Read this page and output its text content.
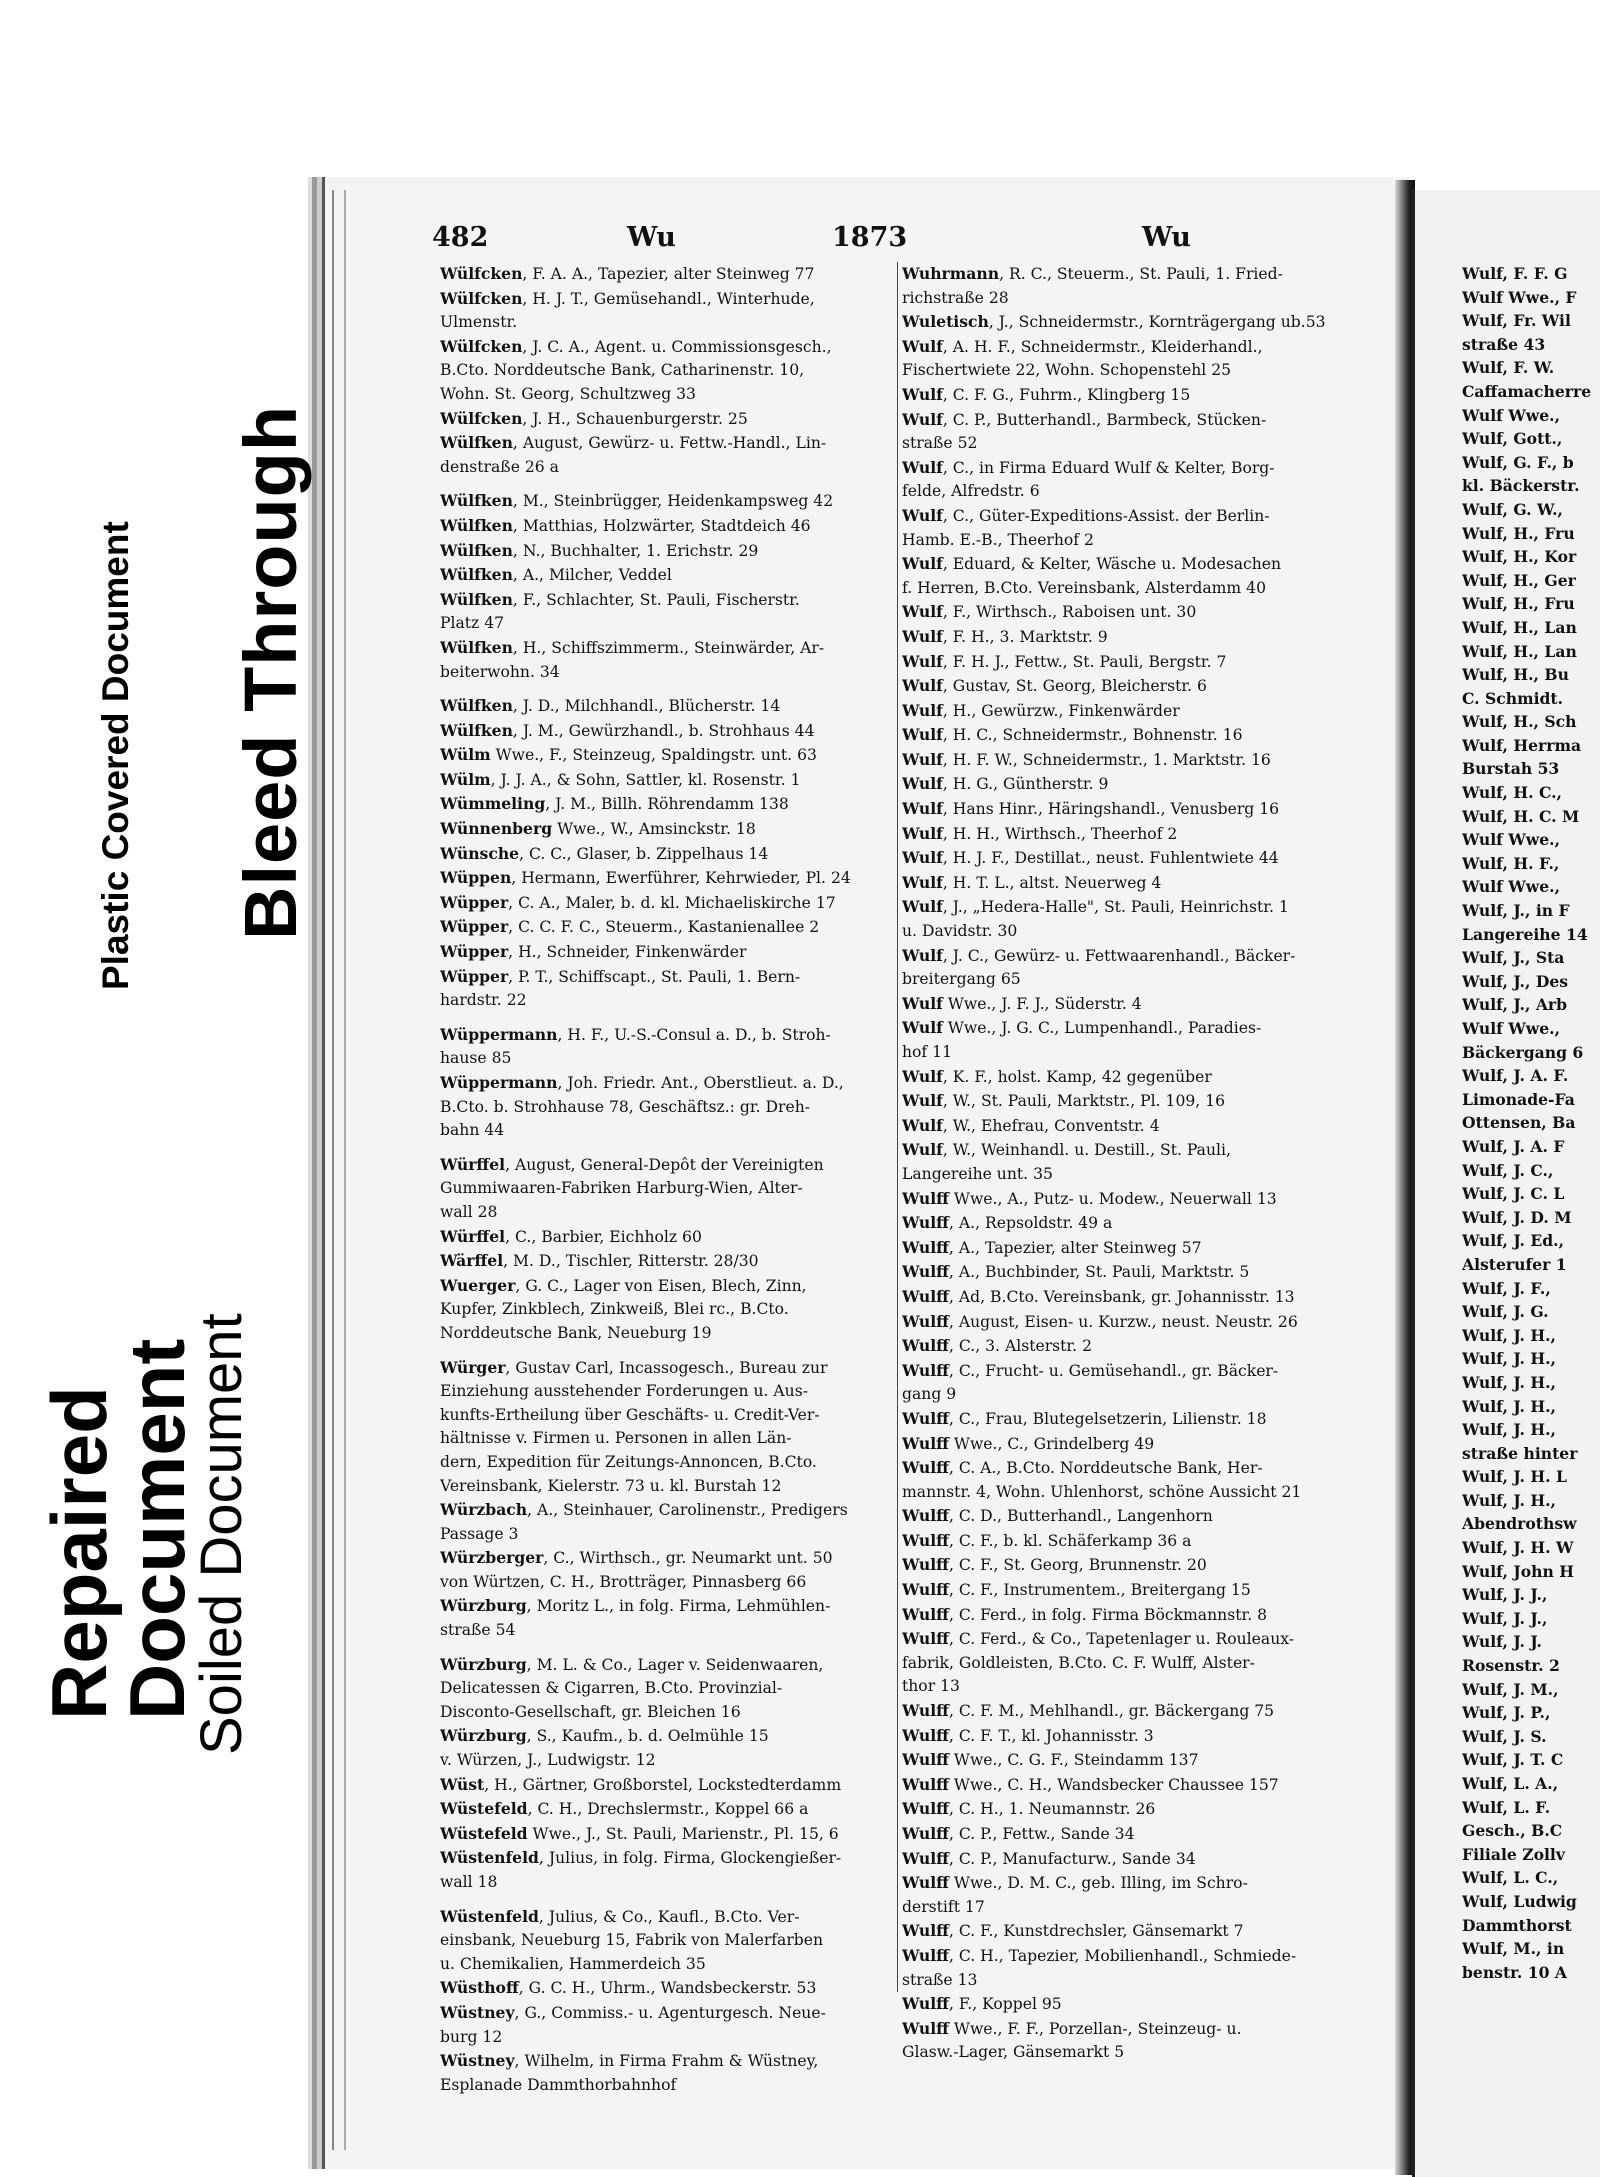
Plastic Covered Document Bleed Through
Repaired
Document
Soiled Document
482	Wu	1873	Wu
Wülfcken, F. A. A., Tapezier, alter Steinweg 77
Wülfcken, H. J. T., Gemüsehandl., Winterhude,
Ulmenstr.
Wülfcken, J. C. A., Agent. u. Commissionsgesch.,
B.Cto. Norddeutsche Bank, Catharinenstr. 10,
Wohn. St. Georg, Schultzweg 33
Wülfcken, J. H., Schauenburgerstr. 25
Wülfken, August, Gewürz- u. Fettw.-Handl., Lin-
denstraße 26 a
Wülfken, M., Steinbrügger, Heidenkampsweg 42
Wülfken, Matthias, Holzwärter, Stadtdeich 46
Wülfken, N., Buchhalter, 1. Erichstr. 29
Wülfken, A., Milcher, Veddel
Wülfken, F., Schlachter, St. Pauli, Fischerstr.
Platz 47
Wülfken, H., Schiffszimmerm., Steinwärder, Ar-
beiterwohn. 34
Wülfken, J. D., Milchhandl., Blücherstr. 14
Wülfken, J. M., Gewürzhandl., b. Strohhaus 44
Wülm Wwe., F., Steinzeug, Spaldingstr. unt. 63
Wülm, J. J. A., & Sohn, Sattler, kl. Rosenstr. 1
Wümmeling, J. M., Billh. Röhrendamm 138
Wünnenberg Wwe., W., Amsinckstr. 18
Wünsche, C. C., Glaser, b. Zippelhaus 14
Wüppen, Hermann, Ewerführer, Kehrwieder, Pl. 24
Wüpper, C. A., Maler, b. d. kl. Michaeliskirche 17
Wüpper, C. C. F. C., Steuerm., Kastanienallee 2
Wüpper, H., Schneider, Finkenwärder
Wüpper, P. T., Schiffscapt., St. Pauli, 1. Bern-
hardstr. 22
Wüppermann, H. F., U.-S.-Consul a. D., b. Stroh-
hause 85
Wüppermann, Joh. Friedr. Ant., Oberstlieut. a. D.,
B.Cto. b. Strohhause 78, Geschäftsz.: gr. Dreh-
bahn 44
Würffel, August, General-Depôt der Vereinigten
Gummiwaaren-Fabriken Harburg-Wien, Alter-
wall 28
Würffel, C., Barbier, Eichholz 60
Wärffel, M. D., Tischler, Ritterstr. 28/30
Wuerger, G. C., Lager von Eisen, Blech, Zinn,
Kupfer, Zinkblech, Zinkweiß, Blei rc., B.Cto.
Norddeutsche Bank, Neueburg 19
Würger, Gustav Carl, Incassogesch., Bureau zur
Einziehung ausstehender Forderungen u. Aus-
kunfts-Ertheilung über Geschäfts- u. Credit-Ver-
hältnisse v. Firmen u. Personen in allen Län-
dern, Expedition für Zeitungs-Annoncen, B.Cto.
Vereinsbank, Kielerstr. 73 u. kl. Burstah 12
Würzbach, A., Steinhauer, Carolinenstr., Predigers
Passage 3
Würzberger, C., Wirthsch., gr. Neumarkt unt. 50
von Würtzen, C. H., Brotträger, Pinnasberg 66
Würzburg, Moritz L., in folg. Firma, Lehmühlen-
straße 54
Würzburg, M. L. & Co., Lager v. Seidenwaaren,
Delicatessen & Cigarren, B.Cto. Provinzial-
Disconto-Gesellschaft, gr. Bleichen 16
Würzburg, S., Kaufm., b. d. Oelmühle 15
v. Würzen, J., Ludwigstr. 12
Wüst, H., Gärtner, Großborstel, Lockstedterdamm
Wüstefeld, C. H., Drechslermstr., Koppel 66 a
Wüstefeld Wwe., J., St. Pauli, Marienstr., Pl. 15, 6
Wüstenfeld, Julius, in folg. Firma, Glockengießer-
wall 18
Wüstenfeld, Julius, & Co., Kaufl., B.Cto. Ver-
einsbank, Neueburg 15, Fabrik von Malerfarben
u. Chemikalien, Hammerdeich 35
Wüsthoff, G. C. H., Uhrm., Wandsbeckerstr. 53
Wüstney, G., Commiss.- u. Agenturgesch. Neue-
burg 12
Wüstney, Wilhelm, in Firma Frahm & Wüstney,
Esplanade Dammthorbahnhof
Wuhrmann, R. C., Steuerm., St. Pauli, 1. Fried-
richstraße 28
Wuletisch, J., Schneidermstr., Kornträgergang ub.53
Wulf, A. H. F., Schneidermstr., Kleiderhandl.,
Fischertwiete 22, Wohn. Schopenstehl 25
Wulf, C. F. G., Fuhrm., Klingberg 15
Wulf, C. P., Butterhandl., Barmbeck, Stücken-
straße 52
Wulf, C., in Firma Eduard Wulf & Kelter, Borg-
felde, Alfredstr. 6
Wulf, C., Güter-Expeditions-Assist. der Berlin-
Hamb. E.-B., Theerhof 2
Wulf, Eduard, & Kelter, Wäsche u. Modesachen
f. Herren, B.Cto. Vereinsbank, Alsterdamm 40
Wulf, F., Wirthsch., Raboisen unt. 30
Wulf, F. H., 3. Marktstr. 9
Wulf, F. H. J., Fettw., St. Pauli, Bergstr. 7
Wulf, Gustav, St. Georg, Bleicherstr. 6
Wulf, H., Gewürzw., Finkenwärder
Wulf, H. C., Schneidermstr., Bohnenstr. 16
Wulf, H. F. W., Schneidermstr., 1. Marktstr. 16
Wulf, H. G., Güntherstr. 9
Wulf, Hans Hinr., Häringshandl., Venusberg 16
Wulf, H. H., Wirthsch., Theerhof 2
Wulf, H. J. F., Destillat., neust. Fuhlentwiete 44
Wulf, H. T. L., altst. Neuerweg 4
Wulf, J., „Hedera-Halle", St. Pauli, Heinrichstr. 1
u. Davidstr. 30
Wulf, J. C., Gewürz- u. Fettwaarenhandl., Bäcker-
breitergang 65
Wulf Wwe., J. F. J., Süderstr. 4
Wulf Wwe., J. G. C., Lumpenhandl., Paradies-
hof 11
Wulf, K. F., holst. Kamp, 42 gegenüber
Wulf, W., St. Pauli, Marktstr., Pl. 109, 16
Wulf, W., Ehefrau, Conventstr. 4
Wulf, W., Weinhandl. u. Destill., St. Pauli,
Langereihe unt. 35
Wulff Wwe., A., Putz- u. Modew., Neuerwall 13
Wulff, A., Repsoldstr. 49 a
Wulff, A., Tapezier, alter Steinweg 57
Wulff, A., Buchbinder, St. Pauli, Marktstr. 5
Wulff, Ad, B.Cto. Vereinsbank, gr. Johannisstr. 13
Wulff, August, Eisen- u. Kurzw., neust. Neustr. 26
Wulff, C., 3. Alsterstr. 2
Wulff, C., Frucht- u. Gemüsehandl., gr. Bäcker-
gang 9
Wulff, C., Frau, Blutegelsetzerin, Lilienstr. 18
Wulff Wwe., C., Grindelberg 49
Wulff, C. A., B.Cto. Norddeutsche Bank, Her-
mannstr. 4, Wohn. Uhlenhorst, schöne Aussicht 21
Wulff, C. D., Butterhandl., Langenhorn
Wulff, C. F., b. kl. Schäferkamp 36 a
Wulff, C. F., St. Georg, Brunnenstr. 20
Wulff, C. F., Instrumentem., Breitergang 15
Wulff, C. Ferd., in folg. Firma Böckmannstr. 8
Wulff, C. Ferd., & Co., Tapetenlager u. Rouleaux-
fabrik, Goldleisten, B.Cto. C. F. Wulff, Alster-
thor 13
Wulff, C. F. M., Mehlhandl., gr. Bäckergang 75
Wulff, C. F. T., kl. Johannisstr. 3
Wulff Wwe., C. G. F., Steindamm 137
Wulff Wwe., C. H., Wandsbecker Chaussee 157
Wulff, C. H., 1. Neumannstr. 26
Wulff, C. P., Fettw., Sande 34
Wulff, C. P., Manufacturw., Sande 34
Wulff Wwe., D. M. C., geb. Illing, im Schro-
derstift 17
Wulff, C. F., Kunstdrechsler, Gänsemarkt 7
Wulff, C. H., Tapezier, Mobilienhandl., Schmiede-
straße 13
Wulff, F., Koppel 95
Wulff Wwe., F. F., Porzellan-, Steinzeug- u.
Glasw.-Lager, Gänsemarkt 5
Wulf, F. F. G
Wulf Wwe., F
Wulf, Fr. Wil
straße 43
Wulf, F. W.
Caffamacherre
Wulf Wwe.,
Wulf, Gott.,
Wulf, G. F., b
kl. Bäckerstr.
Wulf, G. W.,
Wulf, H., Fru
Wulf, H., Kor
Wulf, H., Ger
Wulf, H., Fru
Wulf, H., Lan
Wulf, H., Lan
Wulf, H., Bu
C. Schmidt.
Wulf, H., Sch
Wulf, Herrma
Burstah 53
Wulf, H. C.,
Wulf, H. C. M
Wulf Wwe.,
Wulf, H. F.,
Wulf Wwe.,
Wulf, J., in F
Langereihe 14
Wulf, J., Sta
Wulf, J., Des
Wulf, J., Arb
Wulf Wwe.,
Bäckergang 6
Wulf, J. A. F.
Limonade-Fa
Ottensen, Ba
Wulf, J. A. F
Wulf, J. C.,
Wulf, J. C. L
Wulf, J. D. M
Wulf, J. Ed.,
Alsterufer 1
Wulf, J. F.,
Wulf, J. G.
Wulf, J. H.,
Wulf, J. H.,
Wulf, J. H.,
Wulf, J. H.,
Wulf, J. H.,
straße hinter
Wulf, J. H. L
Wulf, J. H.,
Abendrothsw
Wulf, J. H. W
Wulf, John H
Wulf, J. J.,
Wulf, J. J.,
Wulf, J. J.
Rosenstr. 2
Wulf, J. M.,
Wulf, J. P.,
Wulf, J. S.
Wulf, J. T. C
Wulf, L. A.,
Wulf, L. F.
Gesch., B.C
Filiale Zollv
Wulf, L. C.,
Wulf, Ludwig
Dammthorst
Wulf, M., in
benstr. 10 A
